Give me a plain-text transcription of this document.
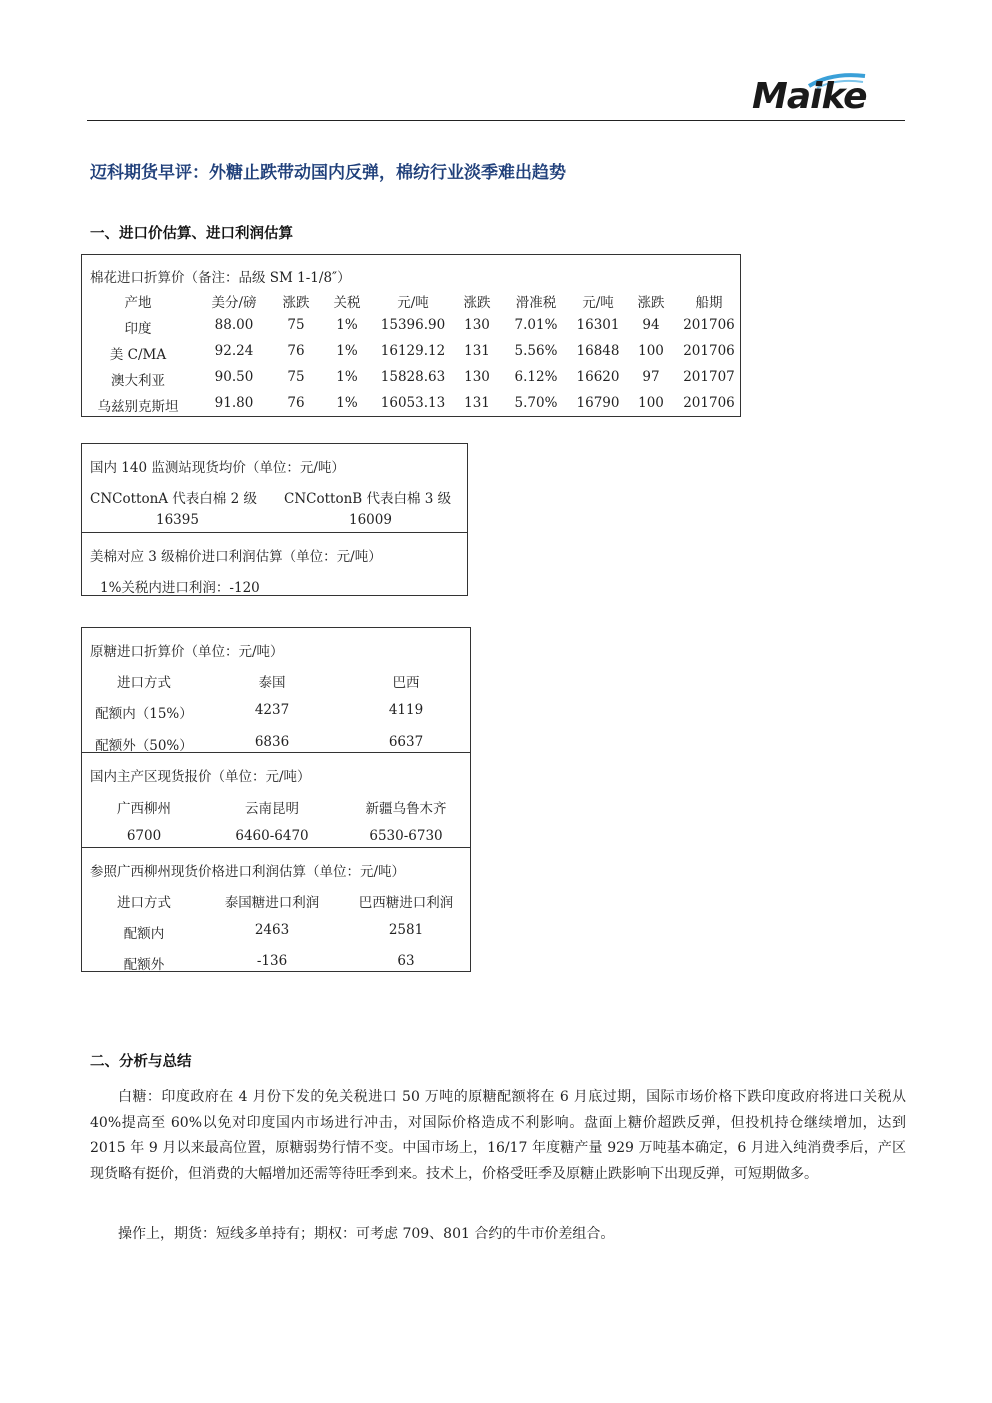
Maike
迈科期货早评：外糖止跌带动国内反弹，棉纺行业淡季难出趋势
一、进口价估算、进口利润估算
棉花进口折算价（备注：品级 SM 1-1/8″）
产地	美分/磅	涨跌	关税	元/吨	涨跌	滑准税	元/吨	涨跌	船期
印度	88.00	75	1%	15396.90	130	7.01%	16301	94	201706
美 C/MA	92.24	76	1%	16129.12	131	5.56%	16848	100	201706
澳大利亚	90.50	75	1%	15828.63	130	6.12%	16620	97	201707
乌兹别克斯坦	91.80	76	1%	16053.13	131	5.70%	16790	100	201706
国内 140 监测站现货均价（单位：元/吨）
CNCottonA 代表白棉 2 级
16395
CNCottonB 代表白棉 3 级
16009
美棉对应 3 级棉价进口利润估算（单位：元/吨）
1%关税内进口利润：-120
原糖进口折算价（单位：元/吨）
进口方式	泰国	巴西
配额内（15%）	4237	4119
配额外（50%）	6836	6637
国内主产区现货报价（单位：元/吨）
广西柳州	云南昆明	新疆乌鲁木齐
6700	6460-6470	6530-6730
参照广西柳州现货价格进口利润估算（单位：元/吨）
进口方式	泰国糖进口利润	巴西糖进口利润
配额内	2463	2581
配额外	-136	63
二、分析与总结
白糖：印度政府在 4 月份下发的免关税进口 50 万吨的原糖配额将在 6 月底过期，国际市场价格下跌印度政府将进口关税从 40%提高至 60%以免对印度国内市场进行冲击，对国际价格造成不利影响。盘面上糖价超跌反弹，但投机持仓继续增加，达到 2015 年 9 月以来最高位置，原糖弱势行情不变。中国市场上，16/17 年度糖产量 929 万吨基本确定，6 月进入纯消费季后，产区现货略有挺价，但消费的大幅增加还需等待旺季到来。技术上，价格受旺季及原糖止跌影响下出现反弹，可短期做多。
操作上，期货：短线多单持有；期权：可考虑 709、801 合约的牛市价差组合。
